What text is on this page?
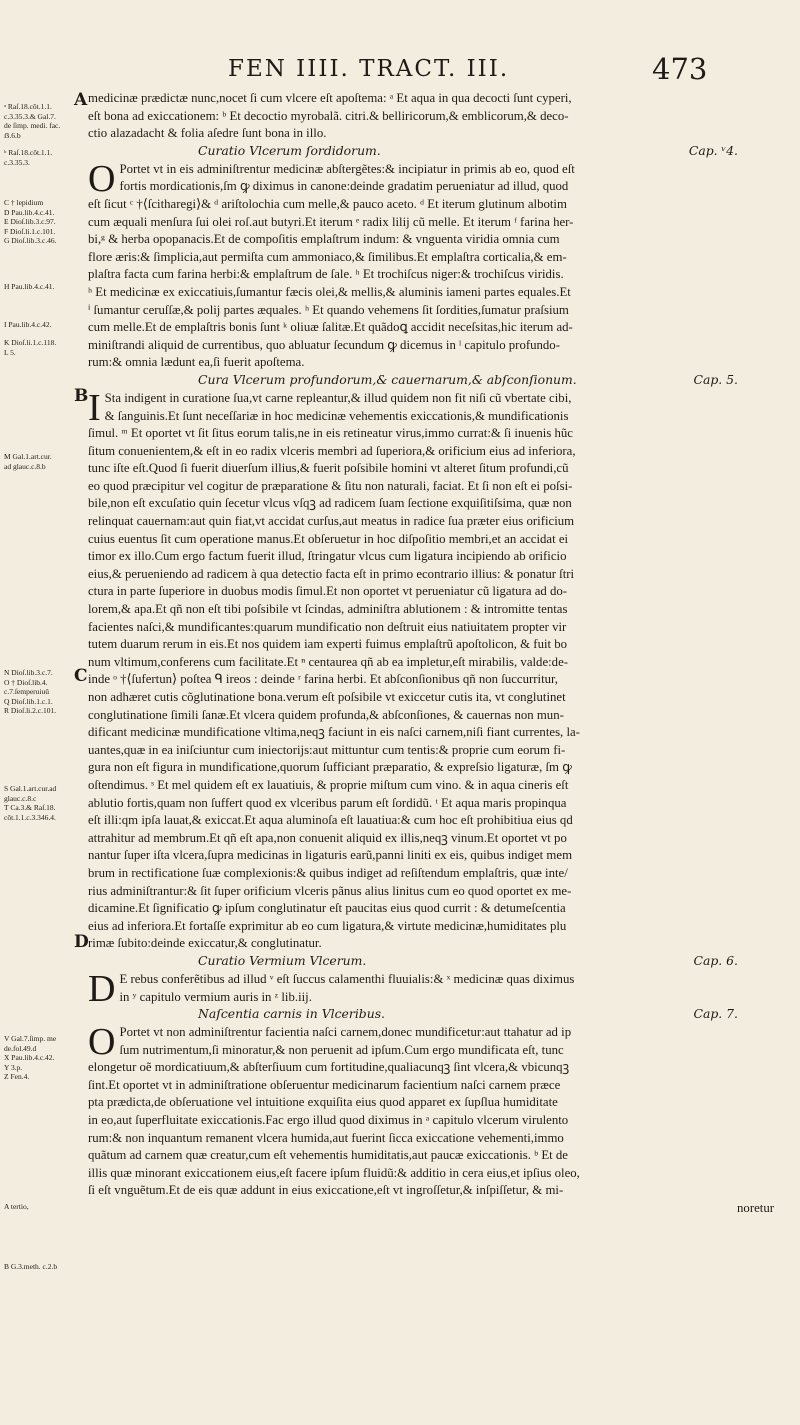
FEN IIII. TRACT. III.	473
A
B
C
D
ᵃ Raſ.18.cõt.1.1.
c.3.35.3.& Gal.7.
de ſimp. medi. fac.
ẞ.6.b
ᵇ Raſ.18.cõt.1.1.
c.3.35.3.
C † lepidium
D Pau.lib.4.c.41.
E Dioſ.lib.3.c.97.
F Dioſ.li.1.c.101.
G Dioſ.lib.3.c.46.
H Pau.lib.4.c.41.
I Pau.lib.4.c.42.
K Dioſ.li.1.c.118.
L 5.
M Gal.1.art.cur.
ad glauc.c.8.b
N Dioſ.lib.3.c.7.
O † Dioſ.lib.4.
c.7.ſemperuiuũ
Q Dioſ.lib.1.c.1.
R Dioſ.li.2.c.101.
S Gal.1.art.cur.ad
glauc.c.8.c
T Ca.3.& Raſ.18.
cõt.1.1.c.3.346.4.
V Gal.7.ſimp. me
de.fol.49.d
X Pau.lib.4.c.42.
Y 3.p.
Z Fen.4.
A tertio,
B G.3.meth. c.2.b
medicinæ prædictæ nunc,nocet ſi cum vlcere eſt apoſtema: ᵃ Et aqua in qua decocti ſunt cyperi,
eſt bona ad exiccationem: ᵇ Et decoctio myrobalã. citri.& belliricorum,& emblicorum,& deco-
ctio alazadacht & folia aſedre ſunt bona in illo.
Curatio Vlcerum ſordidorum.	Cap. ᵛ4.
O Portet vt in eis adminiſtrentur medicinæ abſtergẽtes:& incipiatur in primis ab eo, quod eſt
fortis mordicationis,ſm ꝙ diximus in canone:deinde gradatim perueniatur ad illud, quod
eſt ſicut ᶜ †⟨ſcitharegi⟩& ᵈ ariſtolochia cum melle,& pauco aceto. ᵈ Et iterum glutinum albotim
cum æquali menſura ſui olei roſ.aut butyri.Et iterum ᵉ radix lilij cũ melle. Et iterum ᶠ farina her-
bi,ᵍ & herba opopanacis.Et de compoſitis emplaſtrum indum: & vnguenta viridia omnia cum
flore æris:& ſimplicia,aut permiſta cum ammoniaco,& ſimilibus.Et emplaſtra corticalia,& em-
plaſtra facta cum farina herbi:& emplaſtrum de ſale. ʰ Et trochiſcus niger:& trochiſcus viridis.
ʰ Et medicinæ ex exiccatiuis,ſumantur fæcis olei,& mellis,& aluminis iameni partes equales.Et
ⁱ ſumantur ceruſſæ,& polij partes æquales. ʰ Et quando vehemens ſit ſordities,ſumatur praſsium
cum melle.Et de emplaſtris bonis ſunt ᵏ oliuæ ſalitæ.Et quãdoꝗ accidit neceſsitas,hic iterum ad-
miniſtrandi aliquid de currentibus, quo abluatur ſecundum ꝙ dicemus in ˡ capitulo profundo-
rum:& omnia lædunt ea,ſi fuerit apoſtema.
Cura Vlcerum profundorum,& cauernarum,& abſconſionum.	Cap. 5.
I Sta indigent in curatione ſua,vt carne repleantur,& illud quidem non fit niſi cũ vbertate cibi,
& ſanguinis.Et ſunt neceſſariæ in hoc medicinæ vehementis exiccationis,& mundificationis
ſimul. ᵐ Et oportet vt ſit ſitus eorum talis,ne in eis retineatur virus,immo currat:& ſi inuenis hũc
ſitum conuenientem,& eſt in eo radix vlceris membri ad ſuperiora,& orificium eius ad inferiora,
tunc iſte eſt.Quod ſi fuerit diuerſum illius,& fuerit poſsibile homini vt alteret ſitum profundi,cũ
eo quod præcipitur vel cogitur de præparatione & ſitu non naturali, faciat. Et ſi non eſt ei poſsi-
bile,non eſt excuſatio quin ſecetur vlcus vſqꝫ ad radicem ſuam ſectione exquiſitiſsima, quæ non
relinquat cauernam:aut quin fiat,vt accidat curſus,aut meatus in radice ſua præter eius orificium
cuius euentus ſit cum operatione manus.Et obſeruetur in hoc diſpoſitio membri,et an accidat ei
timor ex illo.Cum ergo factum fuerit illud, ſtringatur vlcus cum ligatura incipiendo ab orificio
eius,& perueniendo ad radicem à qua detectio facta eſt in primo econtrario illius: & ponatur ſtri
ctura in parte ſuperiore in duobus modis ſimul.Et non oportet vt perueniatur cũ ligatura ad do-
lorem,& apa.Et qñ non eſt tibi poſsibile vt ſcindas, adminiſtra ablutionem : & intromitte tentas
facientes naſci,& mundificantes:quarum mundificatio non deſtruit eius natiuitatem propter vir
tutem duarum rerum in eis.Et nos quidem iam experti fuimus emplaſtrũ apoſtolicon, & fuit bo
num vltimum,conferens cum facilitate.Et ⁿ centaurea qñ ab ea impletur,eſt mirabilis, valde:de-
inde ᵒ †⟨ſufertun⟩ poſtea ᑫ ireos : deinde ʳ farina herbi. Et abſconſionibus qñ non ſuccurritur,
non adhæret cutis cõglutinatione bona.verum eſt poſsibile vt exiccetur cutis ita, vt conglutinet
conglutinatione ſimili ſanæ.Et vlcera quidem profunda,& abſconſiones, & cauernas non mun-
dificant medicinæ mundificatione vltima,neqꝫ faciunt in eis naſci carnem,niſi fiant currentes, la-
uantes,quæ in ea iniſciuntur cum iniectorijs:aut mittuntur cum tentis:& proprie cum eorum fi-
gura non eſt figura in mundificatione,quorum ſufficiant præparatio, & expreſsio ligaturæ, ſm ꝙ
oſtendimus. ˢ Et mel quidem eſt ex lauatiuis, & proprie miſtum cum vino. & in aqua cineris eſt
ablutio fortis,quam non ſuffert quod ex vlceribus parum eſt ſordidũ. ᵗ Et aqua maris propinqua
eſt illi:qm ipſa lauat,& exiccat.Et aqua aluminoſa eſt lauatiua:& cum hoc eſt prohibitiua eius qd
attrahitur ad membrum.Et qñ eſt apa,non conuenit aliquid ex illis,neqꝫ vinum.Et oportet vt po
nantur ſuper iſta vlcera,ſupra medicinas in ligaturis earũ,panni liniti ex eis, quibus indiget mem
brum in rectificatione ſuæ complexionis:& quibus indiget ad reſiſtendum emplaſtris, quæ inte/
rius adminiſtrantur:& ſit ſuper orificium vlceris pãnus alius linitus cum eo quod oportet ex me-
dicamine.Et ſignificatio ꝙ ipſum conglutinatur eſt paucitas eius quod currit : & detumeſcentia
eius ad inferiora.Et fortaſſe exprimitur ab eo cum ligatura,& virtute medicinæ,humiditates plu
rimæ ſubito:deinde exiccatur,& conglutinatur.
Curatio Vermium Vlcerum.	Cap. 6.
D E rebus conferẽtibus ad illud ᵛ eſt ſuccus calamenthi fluuialis:& ˣ medicinæ quas diximus
in ʸ capitulo vermium auris in ᶻ lib.iij.
Naſcentia carnis in Vlceribus.	Cap. 7.
O Portet vt non adminiſtrentur facientia naſci carnem,donec mundificetur:aut ttahatur ad ip
ſum nutrimentum,ſi minoratur,& non peruenit ad ipſum.Cum ergo mundificata eſt, tunc
elongetur oẽ mordicatiuum,& abſterſiuum cum fortitudine,qualiacunqꝫ ſint vlcera,& vbicunqꝫ
ſint.Et oportet vt in adminiſtratione obſeruentur medicinarum facientium naſci carnem præce
pta prædicta,de obſeruatione vel intuitione exquiſita eius quod apparet ex ſupſlua humiditate
in eo,aut ſuperfluitate exiccationis.Fac ergo illud quod diximus in ᵃ capitulo vlcerum virulento
rum:& non inquantum remanent vlcera humida,aut fuerint ſicca exiccatione vehementi,immo
quãtum ad carnem quæ creatur,cum eſt vehementis humiditatis,aut paucæ exiccationis. ᵇ Et de
illis quæ minorant exiccationem eius,eſt facere ipſum fluidũ:& additio in cera eius,et ipſius oleo,
ſi eſt vnguẽtum.Et de eis quæ addunt in eius exiccatione,eſt vt ingroſſetur,& inſpiſſetur, & mi-
noretur
